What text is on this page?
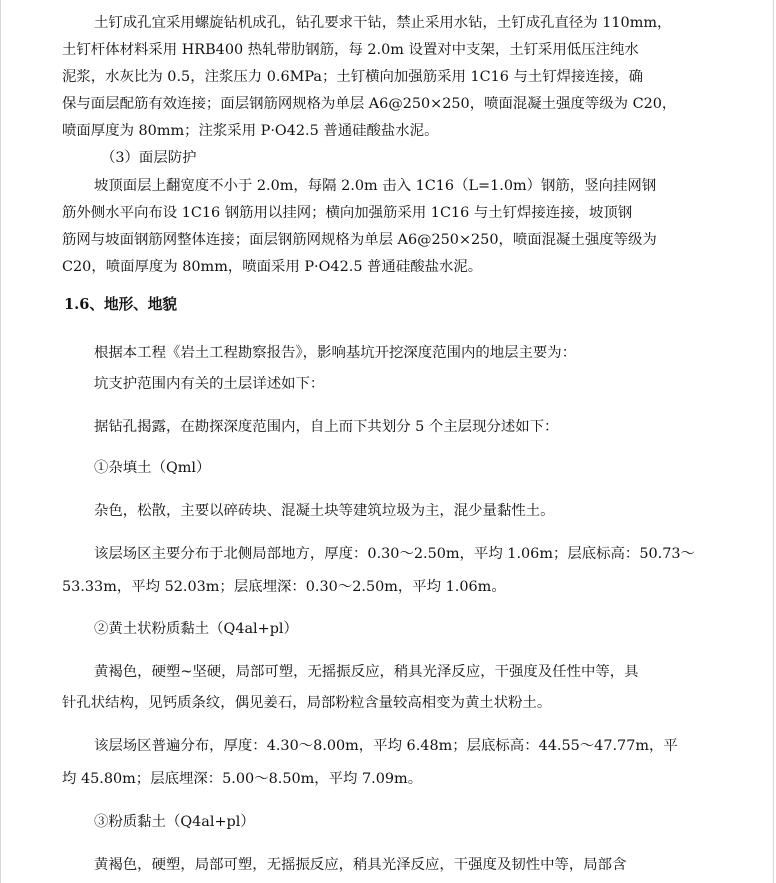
土钉成孔宜采用螺旋钻机成孔，钻孔要求干钻，禁止采用水钻，土钉成孔直径为 110mm，
土钉杆体材料采用 HRB400 热轧带肋钢筋，每 2.0m 设置对中支架，土钉采用低压注纯水
泥浆，水灰比为 0.5，注浆压力 0.6MPa；土钉横向加强筋采用 1C16 与土钉焊接连接，确
保与面层配筋有效连接；面层钢筋网规格为单层 A6@250×250，喷面混凝土强度等级为 C20，
喷面厚度为 80mm；注浆采用 P·O42.5 普通硅酸盐水泥。
（3）面层防护
坡顶面层上翻宽度不小于 2.0m，每隔 2.0m 击入 1C16（L=1.0m）钢筋，竖向挂网钢
筋外侧水平向布设 1C16 钢筋用以挂网；横向加强筋采用 1C16 与土钉焊接连接，坡顶钢
筋网与坡面钢筋网整体连接；面层钢筋网规格为单层 A6@250×250，喷面混凝土强度等级为
C20，喷面厚度为 80mm，喷面采用 P·O42.5 普通硅酸盐水泥。
1.6、地形、地貌
根据本工程《岩土工程勘察报告》，影响基坑开挖深度范围内的地层主要为：
坑支护范围内有关的土层详述如下：
据钻孔揭露，在勘探深度范围内，自上而下共划分 5 个主层现分述如下：
①杂填土（Qml）
杂色，松散，主要以碎砖块、混凝土块等建筑垃圾为主，混少量黏性土。
该层场区主要分布于北侧局部地方，厚度：0.30～2.50m，平均 1.06m；层底标高：50.73～
53.33m，平均 52.03m；层底埋深：0.30～2.50m，平均 1.06m。
②黄土状粉质黏土（Q4al+pl）
黄褐色，硬塑~坚硬，局部可塑，无摇振反应，稍具光泽反应，干强度及任性中等，具
针孔状结构，见钙质条纹，偶见姜石，局部粉粒含量较高相变为黄土状粉土。
该层场区普遍分布，厚度：4.30～8.00m，平均 6.48m；层底标高：44.55～47.77m，平
均 45.80m；层底埋深：5.00～8.50m，平均 7.09m。
③粉质黏土（Q4al+pl）
黄褐色，硬塑，局部可塑，无摇振反应，稍具光泽反应，干强度及韧性中等，局部含
